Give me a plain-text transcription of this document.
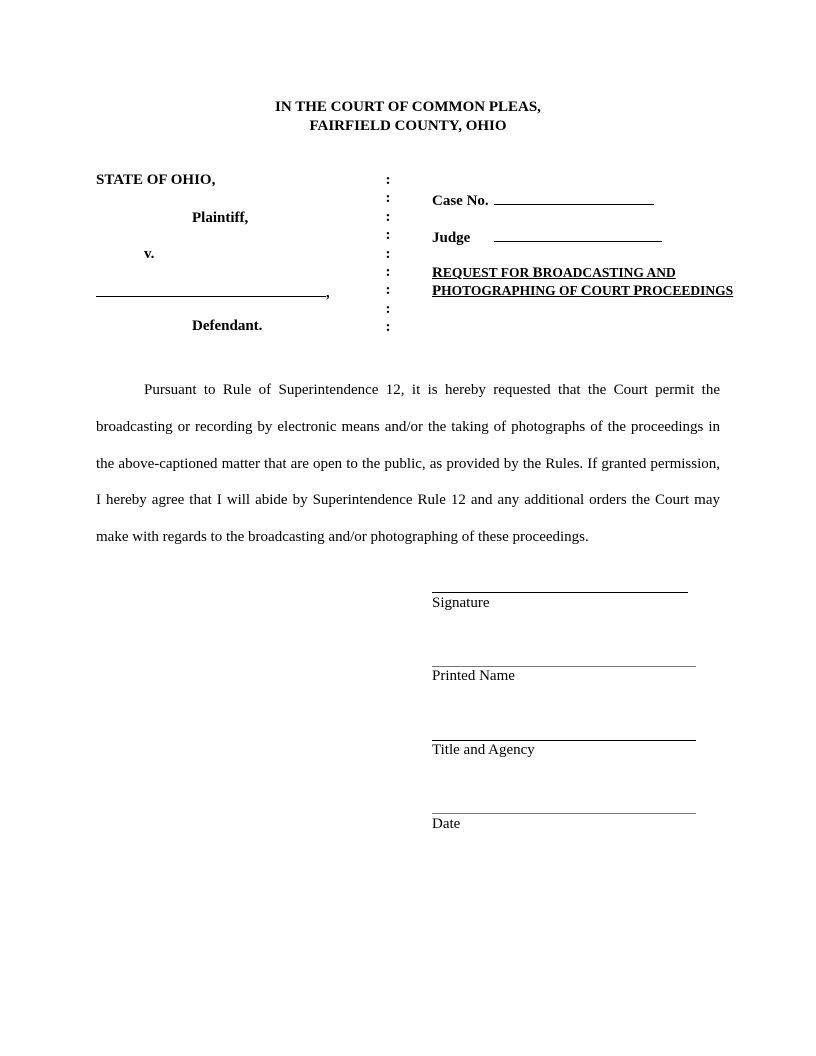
IN THE COURT OF COMMON PLEAS,
FAIRFIELD COUNTY, OHIO
STATE OF OHIO,
Plaintiff,
v.
,
Defendant.
:
:
:
:
:
:
:
:
:
Case No.
Judge
REQUEST FOR BROADCASTING AND
PHOTOGRAPHING OF COURT PROCEEDINGS
Pursuant to Rule of Superintendence 12, it is hereby requested that the Court permit the broadcasting or recording by electronic means and/or the taking of photographs of the proceedings in the above-captioned matter that are open to the public, as provided by the Rules. If granted permission, I hereby agree that I will abide by Superintendence Rule 12 and any additional orders the Court may make with regards to the broadcasting and/or photographing of these proceedings.
Signature
Printed Name
Title and Agency
Date
